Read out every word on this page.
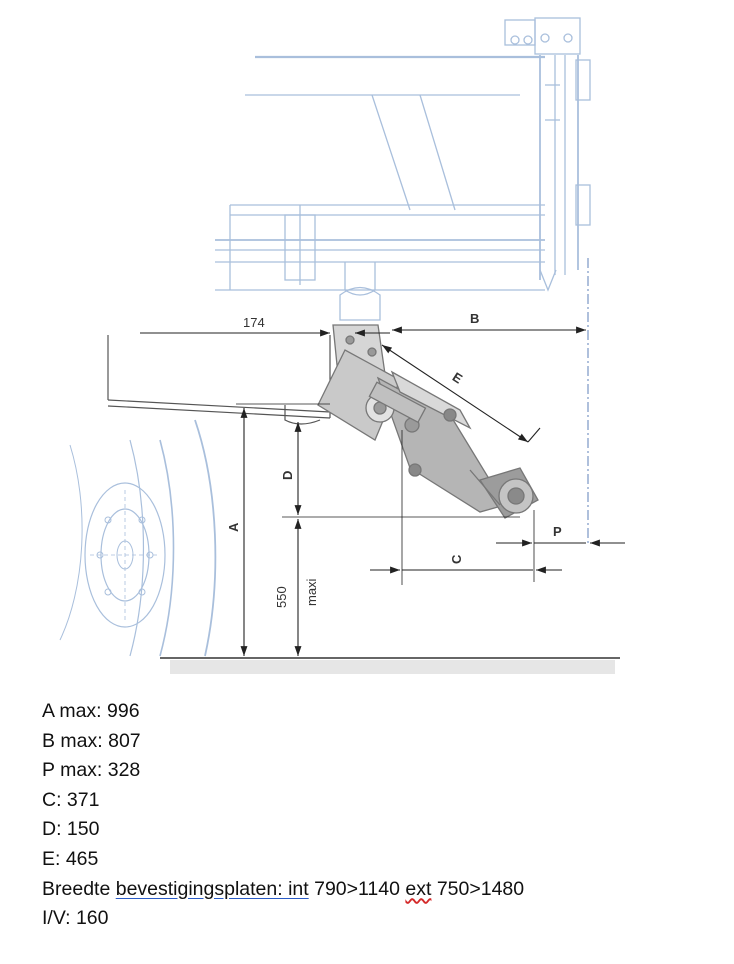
174	B
E
D
A	P
C
550 maxi
A max: 996
B max: 807
P max: 328
C: 371
D: 150
E: 465
Breedte bevestigingsplaten: int 790>1140 ext 750>1480
I/V: 160
